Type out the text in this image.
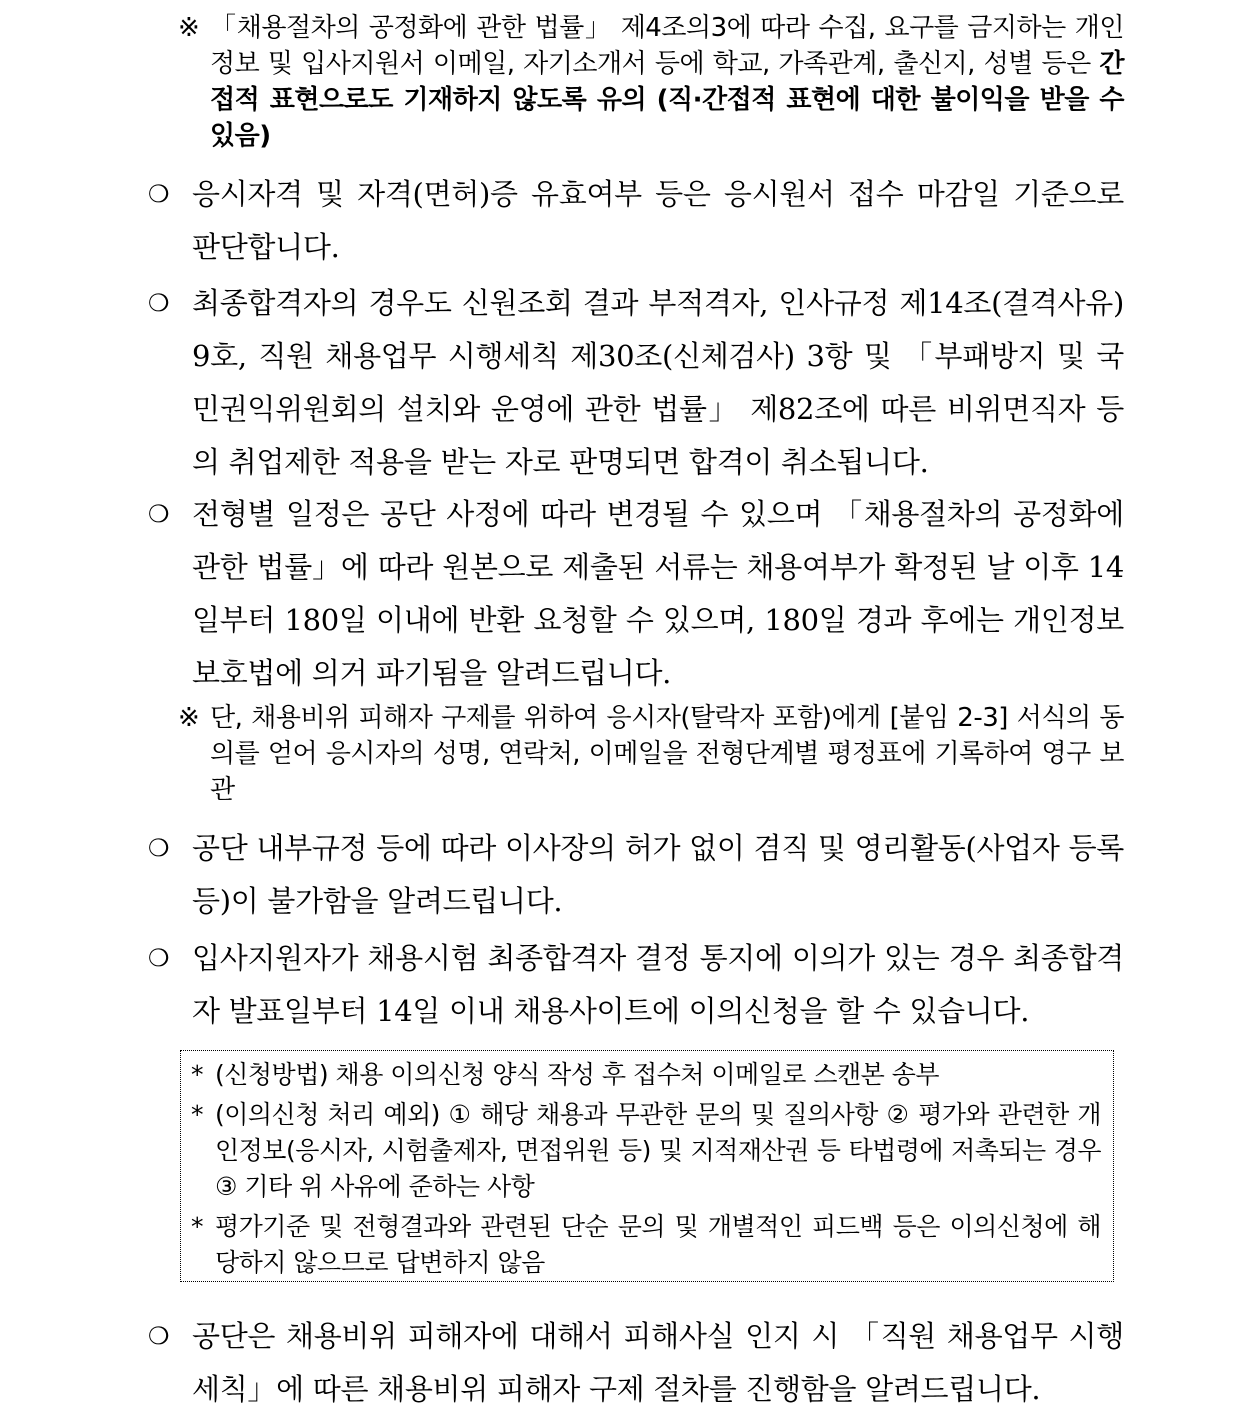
※ 「채용절차의 공정화에 관한 법률」 제4조의3에 따라 수집, 요구를 금지하는 개인정보 및 입사지원서 이메일, 자기소개서 등에 학교, 가족관계, 출신지, 성별 등은 간접적 표현으로도 기재하지 않도록 유의 (직·간접적 표현에 대한 불이익을 받을 수 있음)
❍ 응시자격 및 자격(면허)증 유효여부 등은 응시원서 접수 마감일 기준으로 판단합니다.
❍ 최종합격자의 경우도 신원조회 결과 부적격자, 인사규정 제14조(결격사유) 9호, 직원 채용업무 시행세칙 제30조(신체검사) 3항 및 「부패방지 및 국민권익위원회의 설치와 운영에 관한 법률」 제82조에 따른 비위면직자 등의 취업제한 적용을 받는 자로 판명되면 합격이 취소됩니다.
❍ 전형별 일정은 공단 사정에 따라 변경될 수 있으며 「채용절차의 공정화에 관한 법률」에 따라 원본으로 제출된 서류는 채용여부가 확정된 날 이후 14일부터 180일 이내에 반환 요청할 수 있으며, 180일 경과 후에는 개인정보보호법에 의거 파기됨을 알려드립니다.
※ 단, 채용비위 피해자 구제를 위하여 응시자(탈락자 포함)에게 [붙임 2-3] 서식의 동의를 얻어 응시자의 성명, 연락처, 이메일을 전형단계별 평정표에 기록하여 영구 보관
❍ 공단 내부규정 등에 따라 이사장의 허가 없이 겸직 및 영리활동(사업자 등록 등)이 불가함을 알려드립니다.
❍ 입사지원자가 채용시험 최종합격자 결정 통지에 이의가 있는 경우 최종합격자 발표일부터 14일 이내 채용사이트에 이의신청을 할 수 있습니다.
* (신청방법) 채용 이의신청 양식 작성 후 접수처 이메일로 스캔본 송부
* (이의신청 처리 예외) ① 해당 채용과 무관한 문의 및 질의사항 ② 평가와 관련한 개인정보(응시자, 시험출제자, 면접위원 등) 및 지적재산권 등 타법령에 저촉되는 경우 ③ 기타 위 사유에 준하는 사항
* 평가기준 및 전형결과와 관련된 단순 문의 및 개별적인 피드백 등은 이의신청에 해당하지 않으므로 답변하지 않음
❍ 공단은 채용비위 피해자에 대해서 피해사실 인지 시 「직원 채용업무 시행세칙」에 따른 채용비위 피해자 구제 절차를 진행함을 알려드립니다.
